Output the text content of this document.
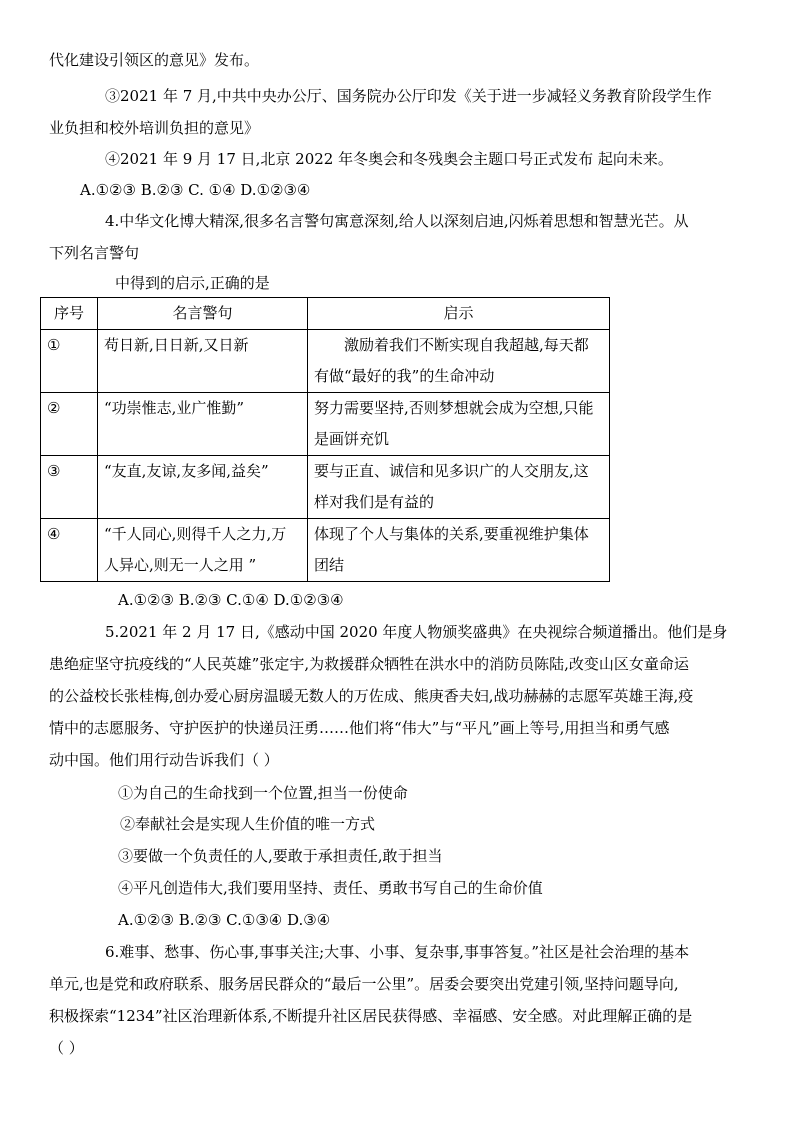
代化建设引领区的意见》发布。
③2021 年 7 月,中共中央办公厅、国务院办公厅印发《关于进一步减轻义务教育阶段学生作
业负担和校外培训负担的意见》
④2021 年 9 月 17 日,北京 2022 年冬奥会和冬残奥会主题口号正式发布 起向未来。
A.①②③ B.②③ C. ①④ D.①②③④
4.中华文化博大精深,很多名言警句寓意深刻,给人以深刻启迪,闪烁着思想和智慧光芒。从
下列名言警句
中得到的启示,正确的是
序号	名言警句	启示
①	苟日新,日日新,又日新	激励着我们不断实现自我超越,每天都有做“最好的我”的生命冲动
②	“功崇惟志,业广惟勤”	努力需要坚持,否则梦想就会成为空想,只能是画饼充饥
③	“友直,友谅,友多闻,益矣”	要与正直、诚信和见多识广的人交朋友,这样对我们是有益的
④	“千人同心,则得千人之力,万人异心,则无一人之用 ”	体现了个人与集体的关系,要重视维护集体团结
A.①②③ B.②③ C.①④ D.①②③④
5.2021 年 2 月 17 日,《感动中国 2020 年度人物颁奖盛典》在央视综合频道播出。他们是身
患绝症坚守抗疫线的“人民英雄”张定宇,为救援群众牺牲在洪水中的消防员陈陆,改变山区女童命运
的公益校长张桂梅,创办爱心厨房温暖无数人的万佐成、熊庚香夫妇,战功赫赫的志愿军英雄王海,疫
情中的志愿服务、守护医护的快递员汪勇……他们将“伟大”与“平凡”画上等号,用担当和勇气感
动中国。他们用行动告诉我们（ ）
①为自己的生命找到一个位置,担当一份使命
②奉献社会是实现人生价值的唯一方式
③要做一个负责任的人,要敢于承担责任,敢于担当
④平凡创造伟大,我们要用坚持、责任、勇敢书写自己的生命价值
A.①②③ B.②③ C.①③④ D.③④
6.难事、愁事、伤心事,事事关注;大事、小事、复杂事,事事答复。”社区是社会治理的基本
单元,也是党和政府联系、服务居民群众的“最后一公里”。居委会要突出党建引领,坚持问题导向,
积极探索“1234”社区治理新体系,不断提升社区居民获得感、幸福感、安全感。对此理解正确的是
（ ）
